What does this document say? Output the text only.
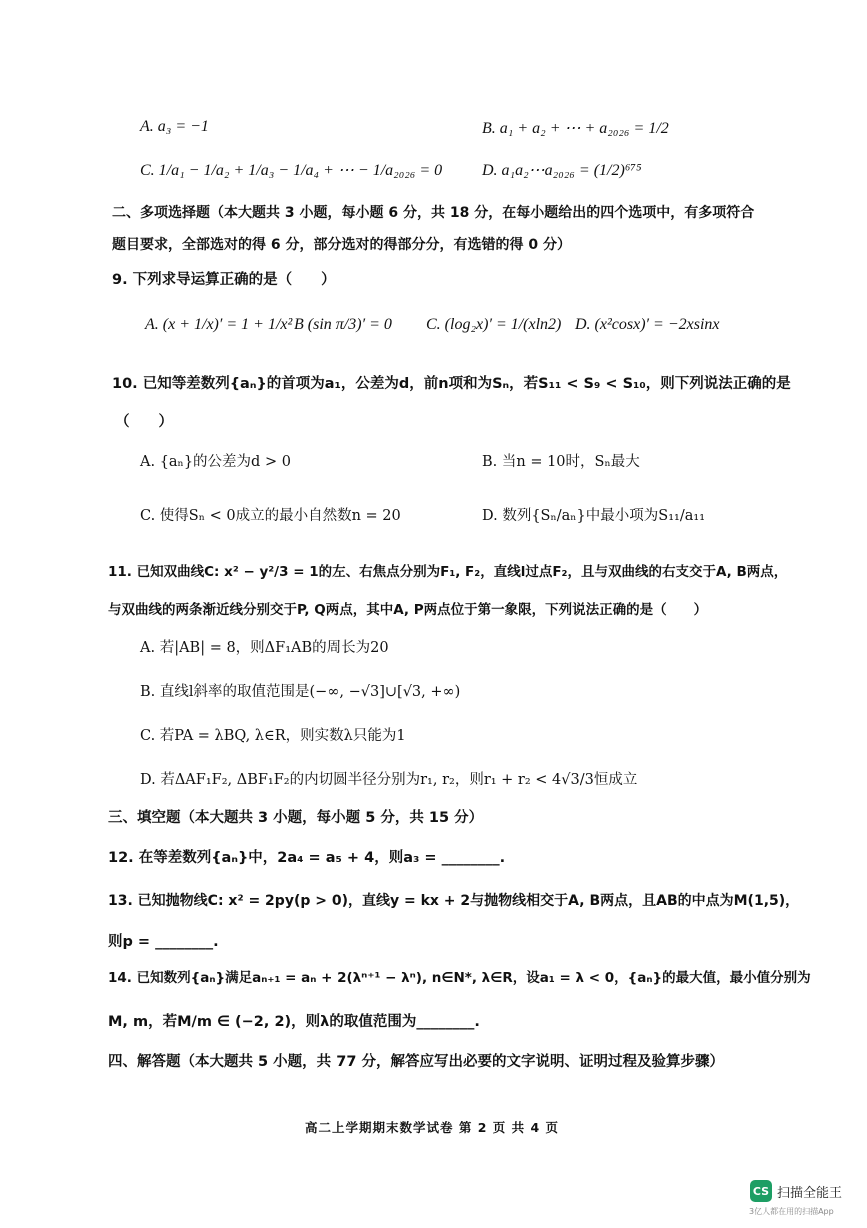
A. a₃ = −1	B. a₁ + a₂ + ⋯ + a₂₀₂₆ = 1/2
C. 1/a₁ − 1/a₂ + 1/a₃ − 1/a₄ + ⋯ − 1/a₂₀₂₆ = 0 D. a₁a₂⋯a₂₀₂₆ = (1/2)⁶⁷⁵
二、多项选择题（本大题共 3 小题，每小题 6 分，共 18 分，在每小题给出的四个选项中，有多项符合
题目要求，全部选对的得 6 分，部分选对的得部分分，有选错的得 0 分）
9. 下列求导运算正确的是（　　）
A. (x + 1/x)′ = 1 + 1/x² B (sin π/3)′ = 0 C. (log₂x)′ = 1/(xln2) D. (x²cosx)′ = −2xsinx
10. 已知等差数列{aₙ}的首项为a₁，公差为d，前n项和为Sₙ，若S₁₁ < S₉ < S₁₀，则下列说法正确的是
（　　）
A. {aₙ}的公差为d > 0	B. 当n = 10时，Sₙ最大
C. 使得Sₙ < 0成立的最小自然数n = 20	D. 数列{Sₙ/aₙ}中最小项为S₁₁/a₁₁
11. 已知双曲线C: x² − y²/3 = 1的左、右焦点分别为F₁, F₂，直线l过点F₂，且与双曲线的右支交于A, B两点，
与双曲线的两条渐近线分别交于P, Q两点，其中A, P两点位于第一象限，下列说法正确的是（　　）
A. 若|AB| = 8，则ΔF₁AB的周长为20
B. 直线l斜率的取值范围是(−∞, −√3]∪[√3, +∞)
C. 若PA = λBQ, λ∈R，则实数λ只能为1
D. 若ΔAF₁F₂, ΔBF₁F₂的内切圆半径分别为r₁, r₂，则r₁ + r₂ < 4√3/3恒成立
三、填空题（本大题共 3 小题，每小题 5 分，共 15 分）
12. 在等差数列{aₙ}中，2a₄ = a₅ + 4，则a₃ = ________.
13. 已知抛物线C: x² = 2py(p > 0)，直线y = kx + 2与抛物线相交于A, B两点，且AB的中点为M(1,5)，
则p = ________.
14. 已知数列{aₙ}满足aₙ₊₁ = aₙ + 2(λⁿ⁺¹ − λⁿ), n∈N*, λ∈R，设a₁ = λ < 0，{aₙ}的最大值，最小值分别为
M, m，若M/m ∈ (−2, 2)，则λ的取值范围为________.
四、解答题（本大题共 5 小题，共 77 分，解答应写出必要的文字说明、证明过程及验算步骤）
高二上学期期末数学试卷 第 2 页 共 4 页
CS 扫描全能王
3亿人都在用的扫描App
